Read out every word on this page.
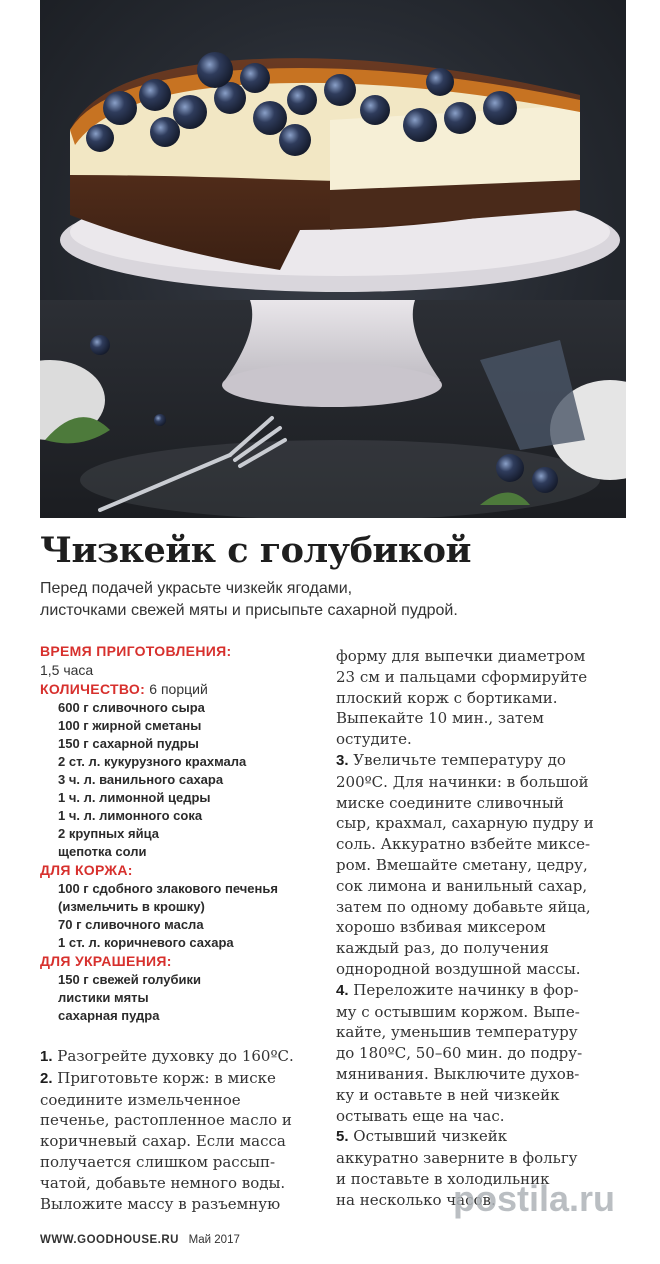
Чизкейк с голубикой
Перед подачей украсьте чизкейк ягодами,
листочками свежей мяты и присыпьте сахарной пудрой.
ВРЕМЯ ПРИГОТОВЛЕНИЯ:
1,5 часа
КОЛИЧЕСТВО: 6 порций
600 г сливочного сыра
100 г жирной сметаны
150 г сахарной пудры
2 ст. л. кукурузного крахмала
3 ч. л. ванильного сахара
1 ч. л. лимонной цедры
1 ч. л. лимонного сока
2 крупных яйца
щепотка соли
ДЛЯ КОРЖА:
100 г сдобного злакового печенья
(измельчить в крошку)
70 г сливочного масла
1 ст. л. коричневого сахара
ДЛЯ УКРАШЕНИЯ:
150 г свежей голубики
листики мяты
сахарная пудра
1. Разогрейте духовку до 160ºС.
2. Приготовьте корж: в миске
соедините измельченное
печенье, растопленное масло и
коричневый сахар. Если масса
получается слишком рассып-
чатой, добавьте немного воды.
Выложите массу в разъемную
форму для выпечки диаметром
23 см и пальцами сформируйте
плоский корж с бортиками.
Выпекайте 10 мин., затем
остудите.
3. Увеличьте температуру до
200ºС. Для начинки: в большой
миске соедините сливочный
сыр, крахмал, сахарную пудру и
соль. Аккуратно взбейте миксе-
ром. Вмешайте сметану, цедру,
сок лимона и ванильный сахар,
затем по одному добавьте яйца,
хорошо взбивая миксером
каждый раз, до получения
однородной воздушной массы.
4. Переложите начинку в фор-
му с остывшим коржом. Выпе-
кайте, уменьшив температуру
до 180ºС, 50–60 мин. до подру-
мянивания. Выключите духов-
ку и оставьте в ней чизкейк
остывать еще на час.
5. Остывший чизкейк
аккуратно заверните в фольгу
и поставьте в холодильник
на несколько часов.
WWW.GOODHOUSE.RU Май 2017
postila.ru
